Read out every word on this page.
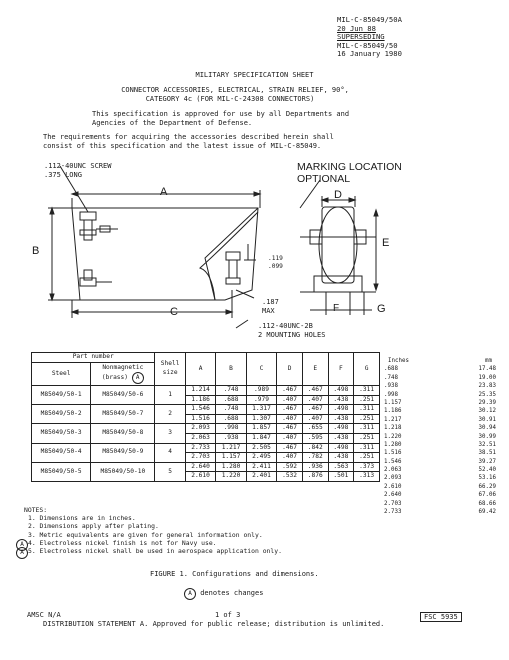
MIL-C-85049/50A
20 Jun 88
SUPERSEDING
MIL-C-85049/50
16 January 1980
MILITARY SPECIFICATION SHEET
CONNECTOR ACCESSORIES, ELECTRICAL, STRAIN RELIEF, 90°,
CATEGORY 4c (FOR MIL-C-24308 CONNECTORS)
This specification is approved for use by all Departments and
Agencies of the Department of Defense.
The requirements for acquiring the accessories described herein shall
consist of this specification and the latest issue of MIL-C-85049.
.112-40UNC SCREW
.375 LONG
MARKING LOCATION
OPTIONAL
A
B
C
D
E
F	G
.119
.099
.187
MAX
.112-40UNC-2B
2 MOUNTING HOLES
Part number		Shell
size	A	B	C	D	E	F	G
Steel	Nonmagnetic
(brass) A								
M85049/50-1	M85049/50-6	1	1.214	.748	.989	.467	.467	.498	.311
			1.186	.688	.979	.407	.407	.438	.251
M85049/50-2	M85049/50-7	2	1.546	.748	1.317	.467	.467	.498	.311
			1.516	.688	1.307	.407	.407	.438	.251
M85049/50-3	M85049/50-8	3	2.093	.998	1.857	.467	.655	.498	.311
			2.063	.938	1.847	.407	.595	.438	.251
M85049/50-4	M85049/50-9	4	2.733	1.217	2.505	.467	.842	.498	.311
			2.703	1.157	2.495	.407	.782	.438	.251
M85049/50-5	M85049/50-10	5	2.640	1.280	2.411	.592	.936	.563	.373
			2.610	1.220	2.401	.532	.876	.501	.313
Inches	mm
.688	17.48
.748	19.00
.938	23.83
.998	25.35
1.157	29.39
1.186	30.12
1.217	30.91
1.218	30.94
1.220	30.99
1.280	32.51
1.516	38.51
1.546	39.27
2.063	52.40
2.093	53.16
2.610	66.29
2.640	67.06
2.703	68.66
2.733	69.42
NOTES:
1. Dimensions are in inches.
2. Dimensions apply after plating.
3. Metric equivalents are given for general information only.
A 4. Electroless nickel finish is not for Navy use.
A 5. Electroless nickel shall be used in aerospace application only.
FIGURE 1. Configurations and dimensions.
A denotes changes
AMSC N/A	1 of 3	FSC 5935
DISTRIBUTION STATEMENT A. Approved for public release; distribution is unlimited.
